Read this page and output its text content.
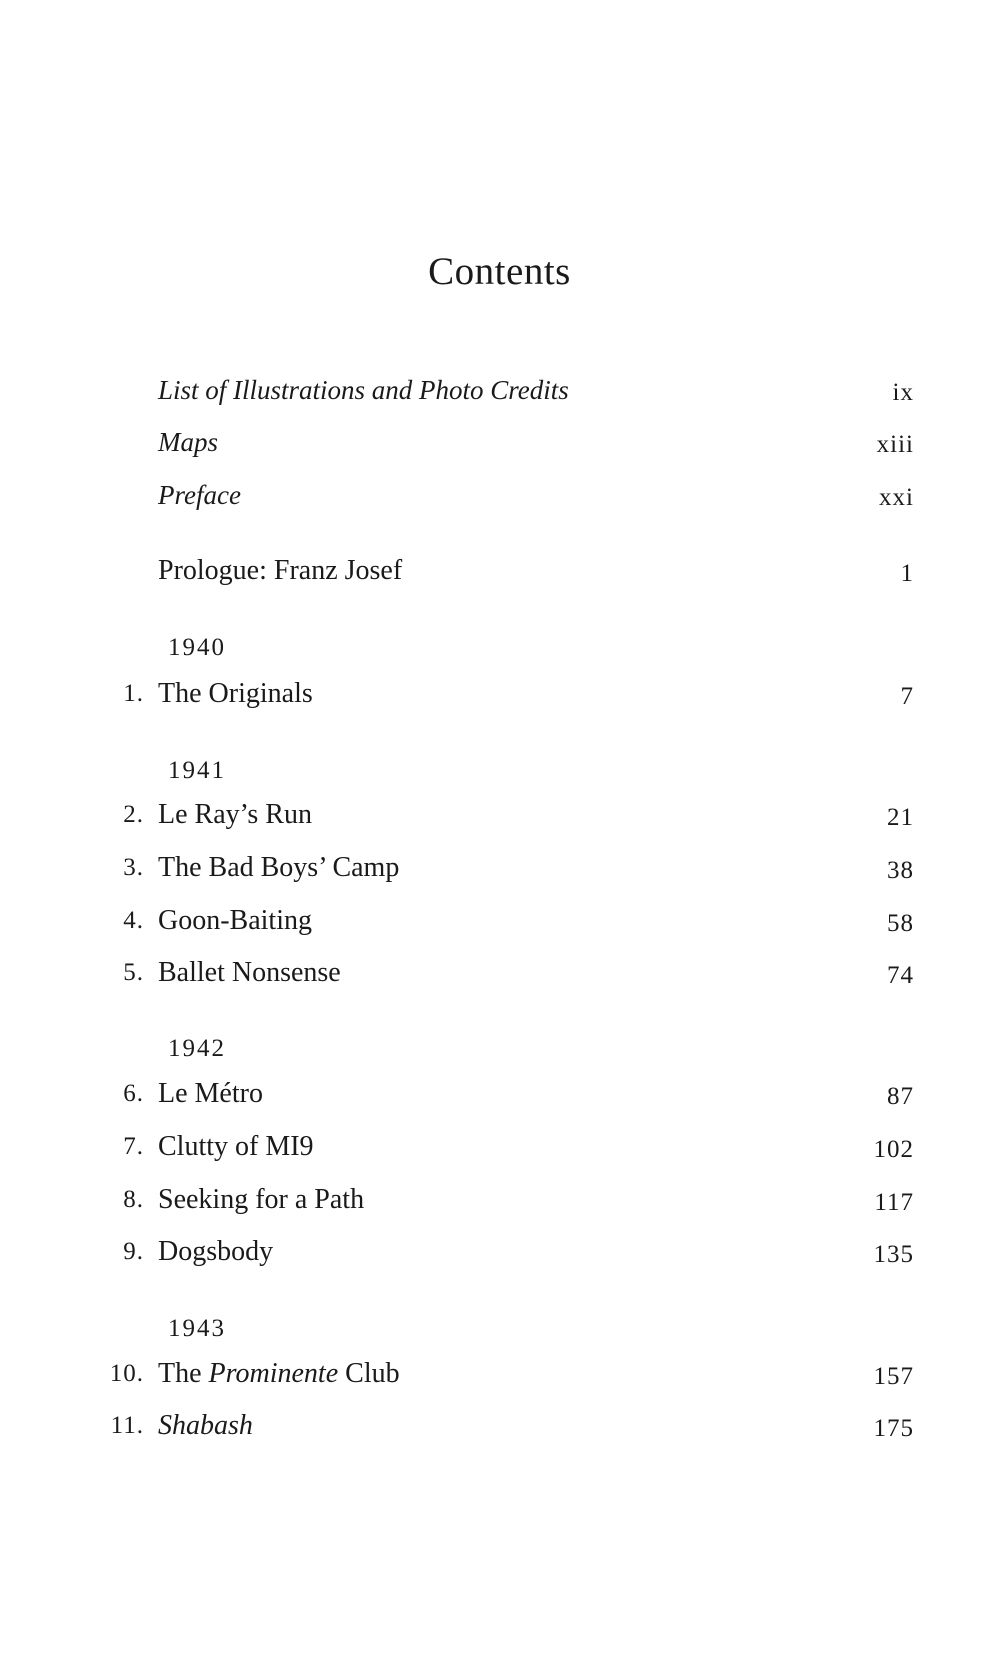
Contents
List of Illustrations and Photo Credits	ix
Maps	xiii
Preface	xxi
Prologue: Franz Josef	1
1940
1. The Originals	7
1941
2. Le Ray’s Run	21
3. The Bad Boys’ Camp	38
4. Goon-Baiting	58
5. Ballet Nonsense	74
1942
6. Le Métro	87
7. Clutty of MI9	102
8. Seeking for a Path	117
9. Dogsbody	135
1943
10. The Prominente Club	157
11. Shabash	175
